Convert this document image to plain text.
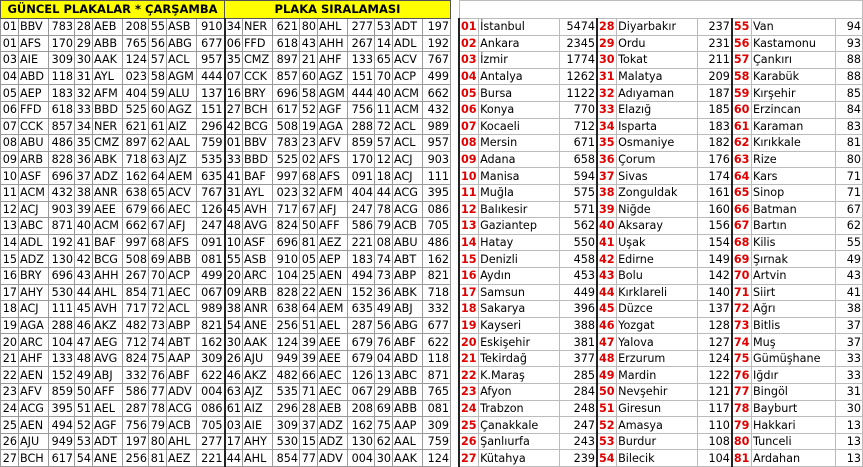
GÜNCEL PLAKALAR * ÇARŞAMBA									PLAKA SIRALAMASI								
01	BBV	783	28	AEB	208	55	ASB	910	34	NER	621	80	AHL	277	53	ADT	197
01	AFS	170	29	ABB	765	56	ABG	677	06	FFD	618	43	AHH	267	14	ADL	192
03	AIE	309	30	AAK	124	57	ACL	957	35	CMZ	897	21	AHF	133	65	ACV	767
04	ABD	118	31	AYL	023	58	AGM	444	07	CCK	857	60	AGZ	151	70	ACP	499
05	AEP	183	32	AFM	404	59	ALU	137	16	BRY	696	58	AGM	444	40	ACM	662
06	FFD	618	33	BBD	525	60	AGZ	151	27	BCH	617	52	AGF	756	11	ACM	432
07	CCK	857	34	NER	621	61	AIZ	296	42	BCG	508	19	AGA	288	72	ACL	989
08	ABU	486	35	CMZ	897	62	AAL	759	01	BBV	783	23	AFV	859	57	ACL	957
09	ARB	828	36	ABK	718	63	AJZ	535	33	BBD	525	02	AFS	170	12	ACJ	903
10	ASF	696	37	ADZ	162	64	AEM	635	41	BAF	997	68	AFS	091	18	ACJ	111
11	ACM	432	38	ANR	638	65	ACV	767	31	AYL	023	32	AFM	404	44	ACG	395
12	ACJ	903	39	AEE	679	66	AEC	126	45	AVH	717	67	AFJ	247	78	ACG	086
13	ABC	871	40	ACM	662	67	AFJ	247	48	AVG	824	50	AFF	586	79	ACB	705
14	ADL	192	41	BAF	997	68	AFS	091	10	ASF	696	81	AEZ	221	08	ABU	486
15	ADZ	130	42	BCG	508	69	ABB	081	55	ASB	910	05	AEP	183	74	ABT	162
16	BRY	696	43	AHH	267	70	ACP	499	20	ARC	104	25	AEN	494	73	ABP	821
17	AHY	530	44	AHL	854	71	AEC	067	09	ARB	828	22	AEN	152	36	ABK	718
18	ACJ	111	45	AVH	717	72	ACL	989	38	ANR	638	64	AEM	635	49	ABJ	332
19	AGA	288	46	AKZ	482	73	ABP	821	54	ANE	256	51	AEL	287	56	ABG	677
20	ARC	104	47	AEG	712	74	ABT	162	30	AAK	124	39	AEE	679	76	ABF	622
21	AHF	133	48	AVG	824	75	AAP	309	26	AJU	949	39	AEE	679	04	ABD	118
22	AEN	152	49	ABJ	332	76	ABF	622	46	AKZ	482	66	AEC	126	13	ABC	871
23	AFV	859	50	AFF	586	77	ADV	004	63	AJZ	535	71	AEC	067	29	ABB	765
24	ACG	395	51	AEL	287	78	ACG	086	61	AIZ	296	28	AEB	208	69	ABB	081
25	AEN	494	52	AGF	756	79	ACB	705	03	AIE	309	37	ADZ	162	75	AAP	309
26	AJU	949	53	ADT	197	80	AHL	277	17	AHY	530	15	ADZ	130	62	AAL	759
27	BCH	617	54	ANE	256	81	AEZ	221	44	AHL	854	77	ADV	004	30	AAK	124

01	İstanbul	5474	28	Diyarbakır	237	55	Van	94
02	Ankara	2345	29	Ordu	231	56	Kastamonu	93
03	İzmir	1774	30	Tokat	211	57	Çankırı	88
04	Antalya	1262	31	Malatya	209	58	Karabük	88
05	Bursa	1122	32	Adıyaman	187	59	Kırşehir	85
06	Konya	770	33	Elazığ	185	60	Erzincan	84
07	Kocaeli	712	34	Isparta	183	61	Karaman	83
08	Mersin	671	35	Osmaniye	182	62	Kırıkkale	81
09	Adana	658	36	Çorum	176	63	Rize	80
10	Manisa	594	37	Sivas	174	64	Kars	71
11	Muğla	575	38	Zonguldak	161	65	Sinop	71
12	Balıkesir	571	39	Niğde	160	66	Batman	67
13	Gaziantep	562	40	Aksaray	156	67	Bartın	62
14	Hatay	550	41	Uşak	154	68	Kilis	55
15	Denizli	458	42	Edirne	149	69	Şırnak	49
16	Aydın	453	43	Bolu	142	70	Artvin	43
17	Samsun	449	44	Kırklareli	140	71	Siirt	41
18	Sakarya	396	45	Düzce	137	72	Ağrı	38
19	Kayseri	388	46	Yozgat	128	73	Bitlis	37
20	Eskişehir	381	47	Yalova	127	74	Muş	37
21	Tekirdağ	377	48	Erzurum	124	75	Gümüşhane	33
22	K.Maraş	285	49	Mardin	122	76	Iğdır	33
23	Afyon	284	50	Nevşehir	121	77	Bingöl	31
24	Trabzon	248	51	Giresun	117	78	Bayburt	30
25	Çanakkale	247	52	Amasya	110	79	Hakkari	13
26	Şanlıurfa	243	53	Burdur	108	80	Tunceli	13
27	Kütahya	239	54	Bilecik	104	81	Ardahan	13
